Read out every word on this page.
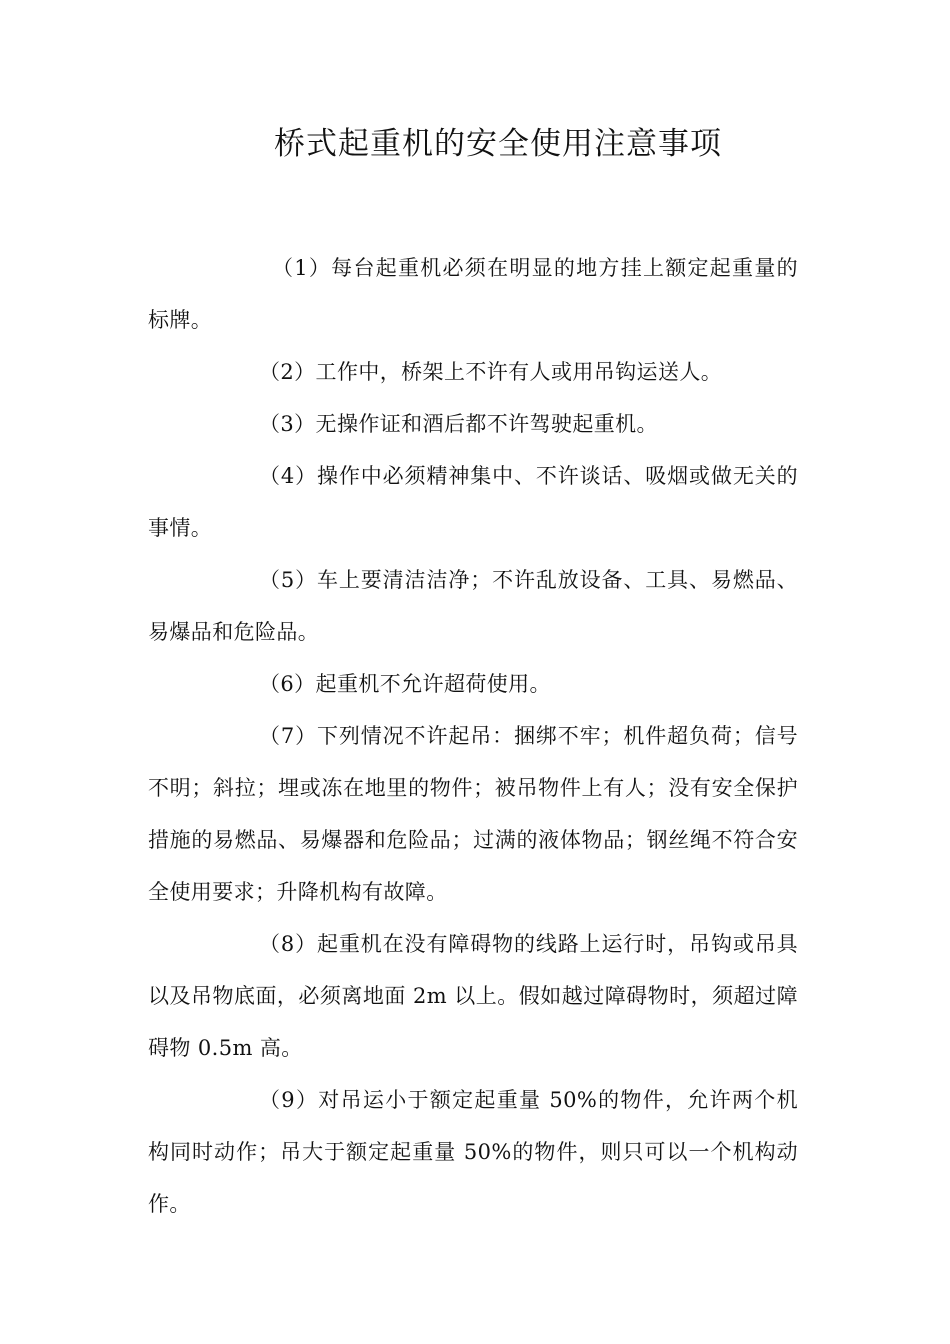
桥式起重机的安全使用注意事项

（1）每台起重机必须在明显的地方挂上额定起重量的标牌。

（2）工作中，桥架上不许有人或用吊钩运送人。

（3）无操作证和酒后都不许驾驶起重机。

（4）操作中必须精神集中、不许谈话、吸烟或做无关的事情。

（5）车上要清洁洁净；不许乱放设备、工具、易燃品、易爆品和危险品。

（6）起重机不允许超荷使用。

（7）下列情况不许起吊：捆绑不牢；机件超负荷；信号不明；斜拉；埋或冻在地里的物件；被吊物件上有人；没有安全保护措施的易燃品、易爆器和危险品；过满的液体物品；钢丝绳不符合安全使用要求；升降机构有故障。

（8）起重机在没有障碍物的线路上运行时，吊钩或吊具以及吊物底面，必须离地面 2m 以上。假如越过障碍物时，须超过障碍物 0.5m 高。

（9）对吊运小于额定起重量 50%的物件，允许两个机构同时动作；吊大于额定起重量 50%的物件，则只可以一个机构动作。
